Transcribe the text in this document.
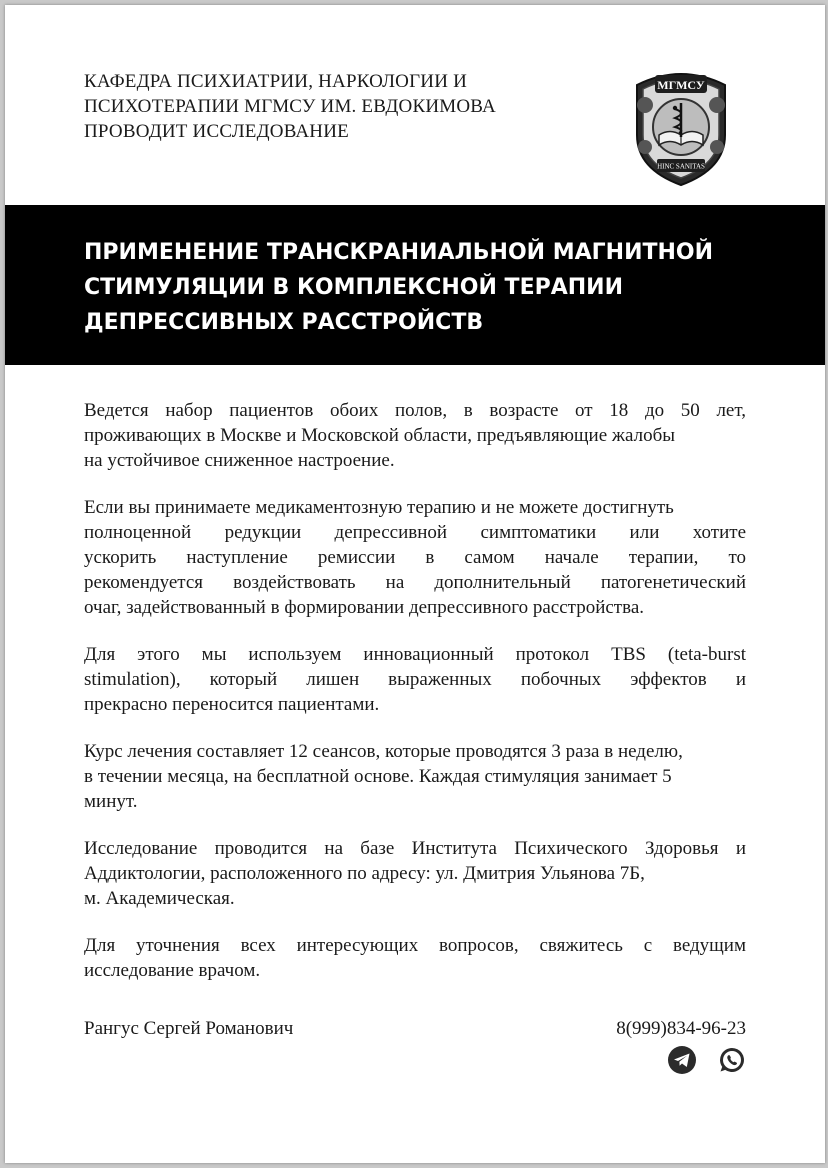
КАФЕДРА ПСИХИАТРИИ, НАРКОЛОГИИ И
ПСИХОТЕРАПИИ МГМСУ ИМ. ЕВДОКИМОВА
ПРОВОДИТ ИССЛЕДОВАНИЕ
МГМСУ
HINC SANITAS
ПРИМЕНЕНИЕ ТРАНСКРАНИАЛЬНОЙ МАГНИТНОЙ
СТИМУЛЯЦИИ В КОМПЛЕКСНОЙ ТЕРАПИИ
ДЕПРЕССИВНЫХ РАССТРОЙСТВ
Ведется набор пациентов обоих полов, в возрасте от 18 до 50 лет,
проживающих в Москве и Московской области, предъявляющие жалобы
на устойчивое сниженное настроение.
Если вы принимаете медикаментозную терапию и не можете достигнуть
полноценной редукции депрессивной симптоматики или хотите
ускорить наступление ремиссии в самом начале терапии, то
рекомендуется воздействовать на дополнительный патогенетический
очаг, задействованный в формировании депрессивного расстройства.
Для этого мы используем инновационный протокол TBS (teta-burst
stimulation), который лишен выраженных побочных эффектов и
прекрасно переносится пациентами.
Курс лечения составляет 12 сеансов, которые проводятся 3 раза в неделю,
в течении месяца, на бесплатной основе. Каждая стимуляция занимает 5
минут.
Исследование проводится на базе Института Психического Здоровья и
Аддиктологии, расположенного по адресу: ул. Дмитрия Ульянова 7Б,
м. Академическая.
Для уточнения всех интересующих вопросов, свяжитесь с ведущим
исследование врачом.
Рангус Сергей Романович	8(999)834-96-23
